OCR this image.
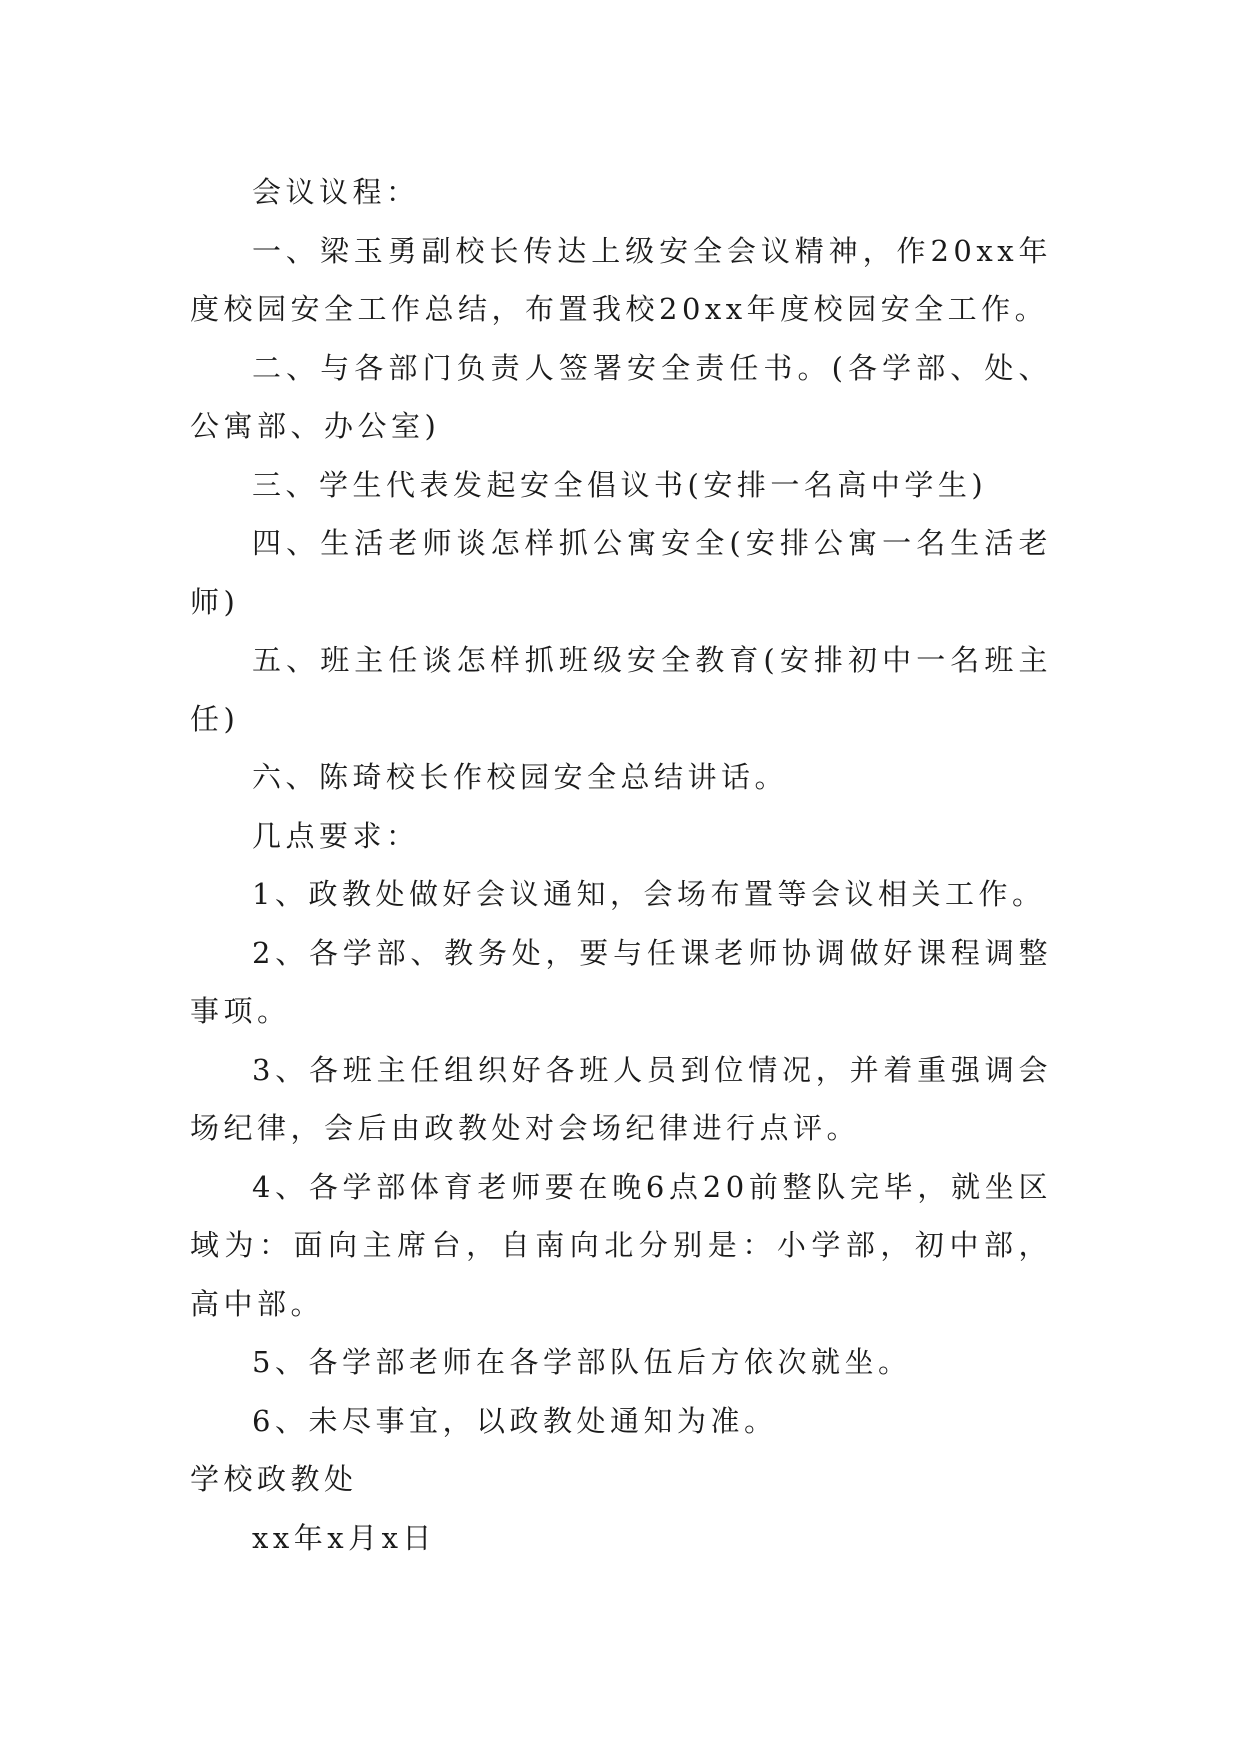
会议议程：

一、梁玉勇副校长传达上级安全会议精神，作20xx年度校园安全工作总结，布置我校20xx年度校园安全工作。

二、与各部门负责人签署安全责任书。(各学部、处、公寓部、办公室)

三、学生代表发起安全倡议书(安排一名高中学生)

四、生活老师谈怎样抓公寓安全(安排公寓一名生活老师)

五、班主任谈怎样抓班级安全教育(安排初中一名班主任)

六、陈琦校长作校园安全总结讲话。

几点要求：

1、政教处做好会议通知，会场布置等会议相关工作。

2、各学部、教务处，要与任课老师协调做好课程调整事项。

3、各班主任组织好各班人员到位情况，并着重强调会场纪律，会后由政教处对会场纪律进行点评。

4、各学部体育老师要在晚6点20前整队完毕，就坐区域为：面向主席台，自南向北分别是：小学部，初中部，高中部。

5、各学部老师在各学部队伍后方依次就坐。

6、未尽事宜，以政教处通知为准。

学校政教处

xx年x月x日
